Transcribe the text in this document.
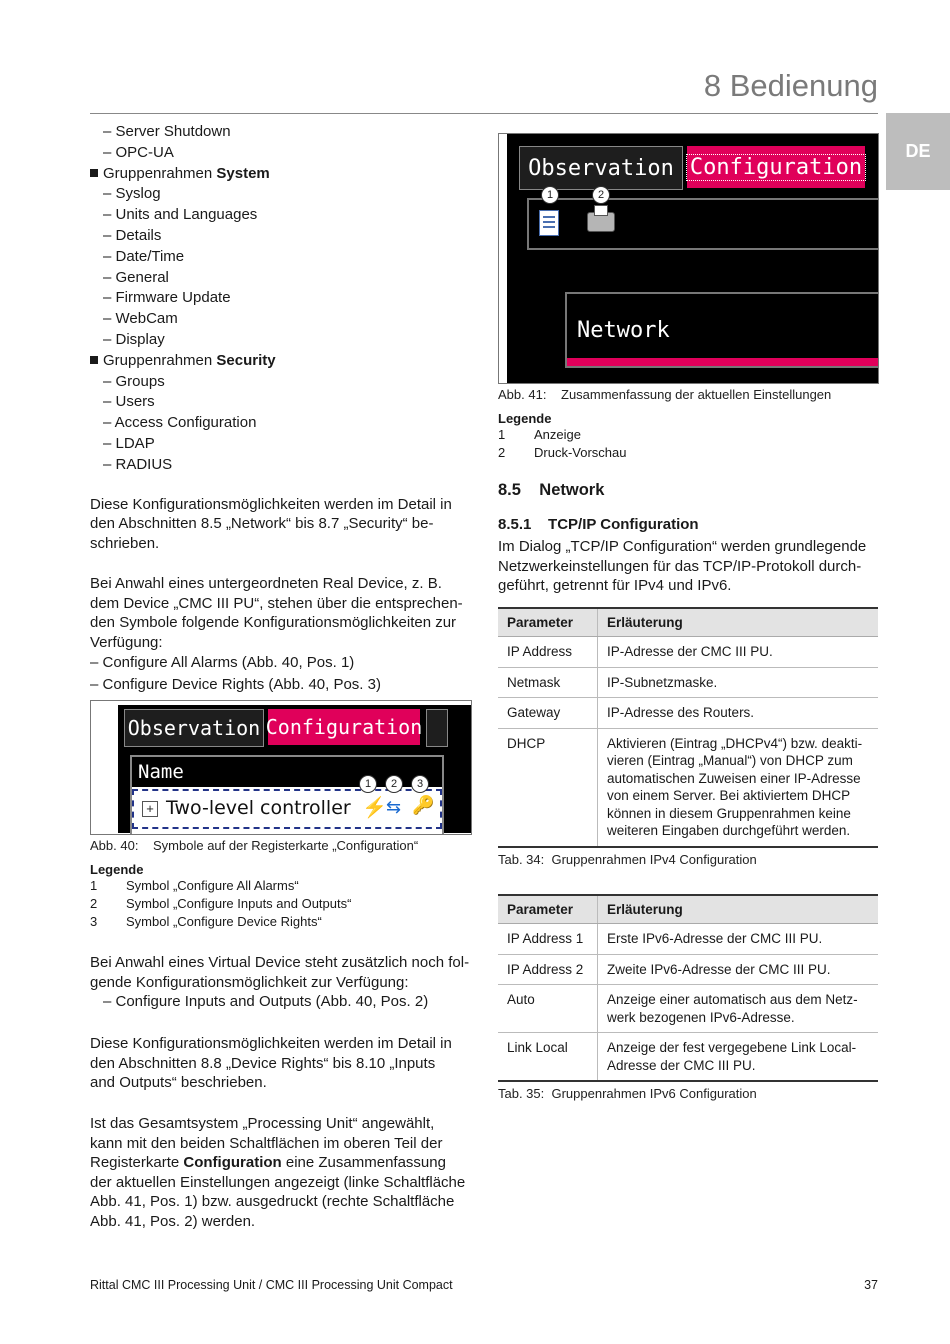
8 Bedienung
DE
– Server Shutdown
– OPC-UA
Gruppenrahmen System
– Syslog
– Units and Languages
– Details
– Date/Time
– General
– Firmware Update
– WebCam
– Display
Gruppenrahmen Security
– Groups
– Users
– Access Configuration
– LDAP
– RADIUS
Diese Konfigurationsmöglichkeiten werden im Detail in den Abschnitten 8.5 „Network“ bis 8.7 „Security“ beschrieben.
Bei Anwahl eines untergeordneten Real Device, z. B.
dem Device „CMC III PU“, stehen über die entsprechen-
den Symbole folgende Konfigurationsmöglichkeiten zur
Verfügung:
– Configure All Alarms (Abb. 40, Pos. 1)
– Configure Device Rights (Abb. 40, Pos. 3)
Observation Configuration
Name
+ Two-level controller ⚡ ⇆ 🔑
1	2	3
Abb. 40: Symbole auf der Registerkarte „Configuration“
Legende
1	Symbol „Configure All Alarms“
2	Symbol „Configure Inputs and Outputs“
3	Symbol „Configure Device Rights“
Bei Anwahl eines Virtual Device steht zusätzlich noch fol-
gende Konfigurationsmöglichkeit zur Verfügung:
– Configure Inputs and Outputs (Abb. 40, Pos. 2)
Diese Konfigurationsmöglichkeiten werden im Detail in
den Abschnitten 8.8 „Device Rights“ bis 8.10 „Inputs
and Outputs“ beschrieben.
Ist das Gesamtsystem „Processing Unit“ angewählt,
kann mit den beiden Schaltflächen im oberen Teil der
Registerkarte Configuration eine Zusammenfassung
der aktuellen Einstellungen angezeigt (linke Schaltfläche
Abb. 41, Pos. 1) bzw. ausgedruckt (rechte Schaltfläche
Abb. 41, Pos. 2) werden.
Observation Configuration
1	2
Network
Abb. 41: Zusammenfassung der aktuellen Einstellungen
Legende
1	Anzeige
2	Druck-Vorschau
8.5    Network
8.5.1    TCP/IP Configuration
Im Dialog „TCP/IP Configuration“ werden grundlegende
Netzwerkeinstellungen für das TCP/IP-Protokoll durch-
geführt, getrennt für IPv4 und IPv6.
Parameter	Erläuterung
IP Address	IP-Adresse der CMC III PU.
Netmask	IP-Subnetzmaske.
Gateway	IP-Adresse des Routers.
DHCP	Aktivieren (Eintrag „DHCPv4“) bzw. deaktivieren (Eintrag „Manual“) von DHCP zum automatischen Zuweisen einer IP-Adresse von einem Server. Bei aktiviertem DHCP können in diesem Gruppenrahmen keine weiteren Eingaben durchgeführt werden.
Tab. 34:  Gruppenrahmen IPv4 Configuration
Parameter	Erläuterung
IP Address 1	Erste IPv6-Adresse der CMC III PU.
IP Address 2	Zweite IPv6-Adresse der CMC III PU.
Auto	Anzeige einer automatisch aus dem Netzwerk bezogenen IPv6-Adresse.
Link Local	Anzeige der fest vergegebene Link Local-Adresse der CMC III PU.
Tab. 35:  Gruppenrahmen IPv6 Configuration
Rittal CMC III Processing Unit / CMC III Processing Unit Compact	37
